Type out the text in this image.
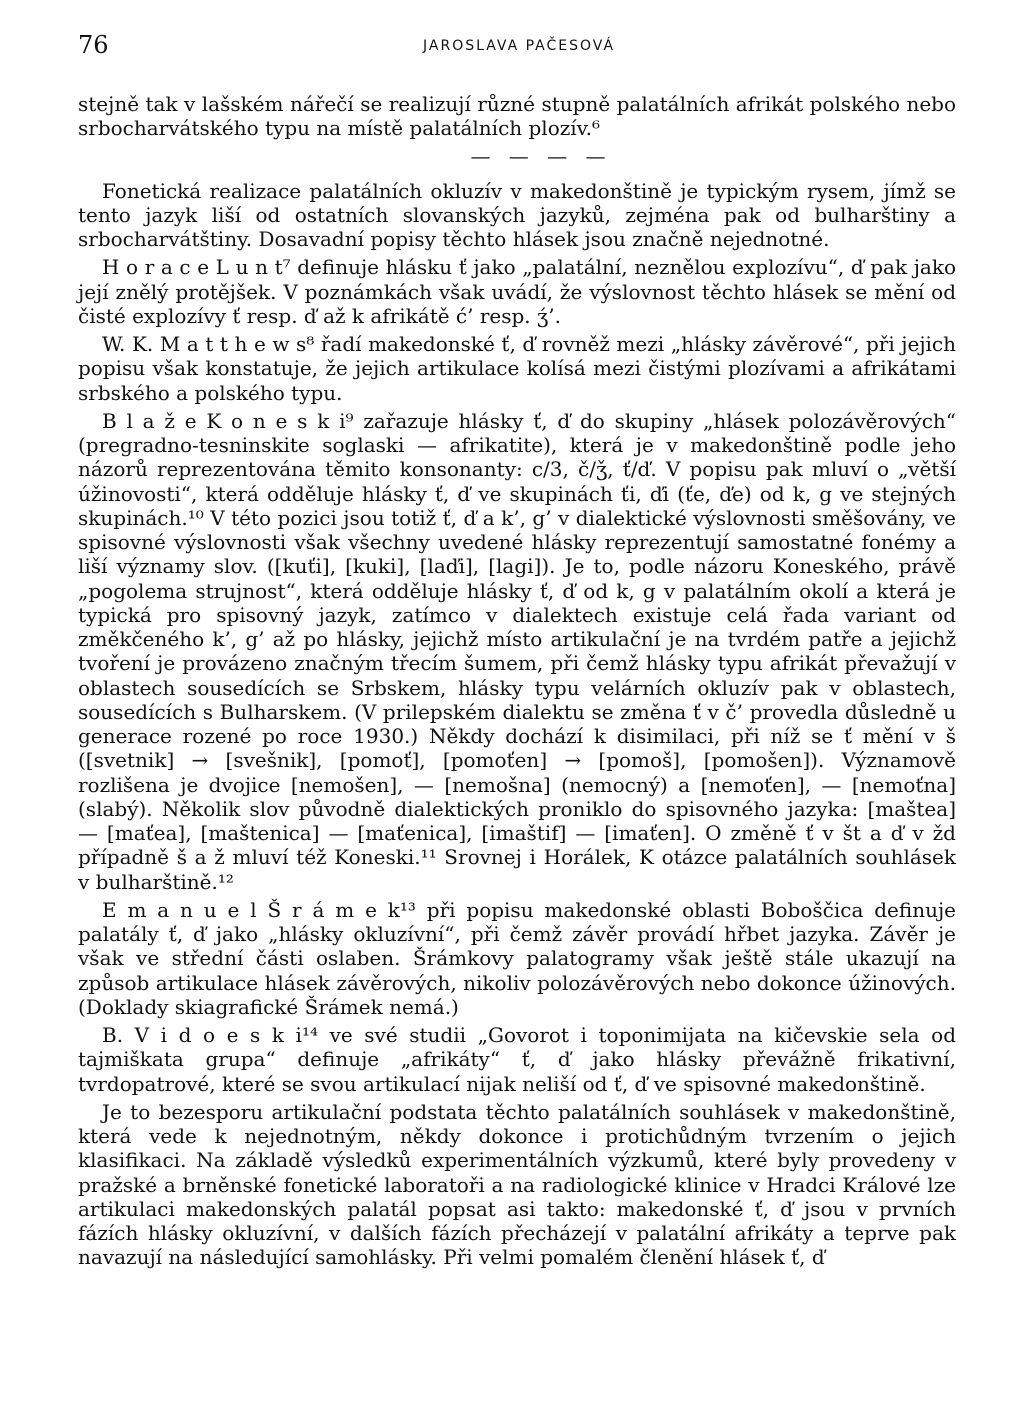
76	JAROSLAVA PAČESOVÁ

stejně tak v lašském nářečí se realizují různé stupně palatálních afrikát polského nebo srbocharvátského typu na místě palatálních plozív.⁶

— — — —

Fonetická realizace palatálních okluzív v makedonštině je typickým rysem, jímž se tento jazyk liší od ostatních slovanských jazyků, zejména pak od bulharštiny a srbocharvátštiny. Dosavadní popisy těchto hlásek jsou značně nejednotné.

H o r a c e L u n t⁷ definuje hlásku ť jako „palatální, neznělou explozívu“, ď pak jako její znělý protějšek. V poznámkách však uvádí, že výslovnost těchto hlásek se mění od čisté explozívy ť resp. ď až k afrikátě ć’ resp. ʒ́’.

W. K. M a t t h e w s⁸ řadí makedonské ť, ď rovněž mezi „hlásky závěrové“, při jejich popisu však konstatuje, že jejich artikulace kolísá mezi čistými plozívami a afrikátami srbského a polského typu.

B l a ž e K o n e s k i⁹ zařazuje hlásky ť, ď do skupiny „hlásek polozávěrových“ (pregradno-tesninskite soglaski — afrikatite), která je v makedonštině podle jeho názorů reprezentována těmito konsonanty: c/3, č/ǯ, ť/ď. V popisu pak mluví o „větší úžinovosti“, která odděluje hlásky ť, ď ve skupinách ťi, ďi (ťe, ďe) od k, g ve stejných skupinách.¹⁰ V této pozici jsou totiž ť, ď a k’, g’ v dialektické výslovnosti směšovány, ve spisovné výslovnosti však všechny uvedené hlásky reprezentují samostatné fonémy a liší významy slov. ([kuťi], [kuki], [laďi], [lagi]). Je to, podle názoru Koneského, právě „pogolema strujnost“, která odděluje hlásky ť, ď od k, g v palatálním okolí a která je typická pro spisovný jazyk, zatímco v dialektech existuje celá řada variant od změkčeného k’, g’ až po hlásky, jejichž místo artikulační je na tvrdém patře a jejichž tvoření je provázeno značným třecím šumem, při čemž hlásky typu afrikát převažují v oblastech sousedících se Srbskem, hlásky typu velárních okluzív pak v oblastech, sousedících s Bulharskem. (V prilepském dialektu se změna ť v č’ provedla důsledně u generace rozené po roce 1930.) Někdy dochází k disimilaci, při níž se ť mění v š ([svetnik] → [svešnik], [pomoť], [pomoťen] → [pomoš], [pomošen]). Významově rozlišena je dvojice [nemošen], — [nemošna] (nemocný) a [nemoťen], — [nemoťna] (slabý). Několik slov původně dialektických proniklo do spisovného jazyka: [maštea] — [maťea], [maštenica] — [maťenica], [imaštif] — [imaťen]. O změně ť v št a ď v žd případně š a ž mluví též Koneski.¹¹ Srovnej i Horálek, K otázce palatálních souhlásek v bulharštině.¹²

E m a n u e l Š r á m e k¹³ při popisu makedonské oblasti Boboščica definuje palatály ť, ď jako „hlásky okluzívní“, při čemž závěr provádí hřbet jazyka. Závěr je však ve střední části oslaben. Šrámkovy palatogramy však ještě stále ukazují na způsob artikulace hlásek závěrových, nikoliv polozávěrových nebo dokonce úžinových. (Doklady skiagrafické Šrámek nemá.)

B. V i d o e s k i¹⁴ ve své studii „Govorot i toponimijata na kičevskie sela od tajmiškata grupa“ definuje „afrikáty“ ť, ď jako hlásky převážně frikativní, tvrdopatrové, které se svou artikulací nijak neliší od ť, ď ve spisovné makedonštině.

Je to bezesporu artikulační podstata těchto palatálních souhlásek v makedonštině, která vede k nejednotným, někdy dokonce i protichůdným tvrzením o jejich klasifikaci. Na základě výsledků experimentálních výzkumů, které byly provedeny v pražské a brněnské fonetické laboratoři a na radiologické klinice v Hradci Králové lze artikulaci makedonských palatál popsat asi takto: makedonské ť, ď jsou v prvních fázích hlásky okluzívní, v dalších fázích přecházejí v palatální afrikáty a teprve pak navazují na následující samohlásky. Při velmi pomalém členění hlásek ť, ď
